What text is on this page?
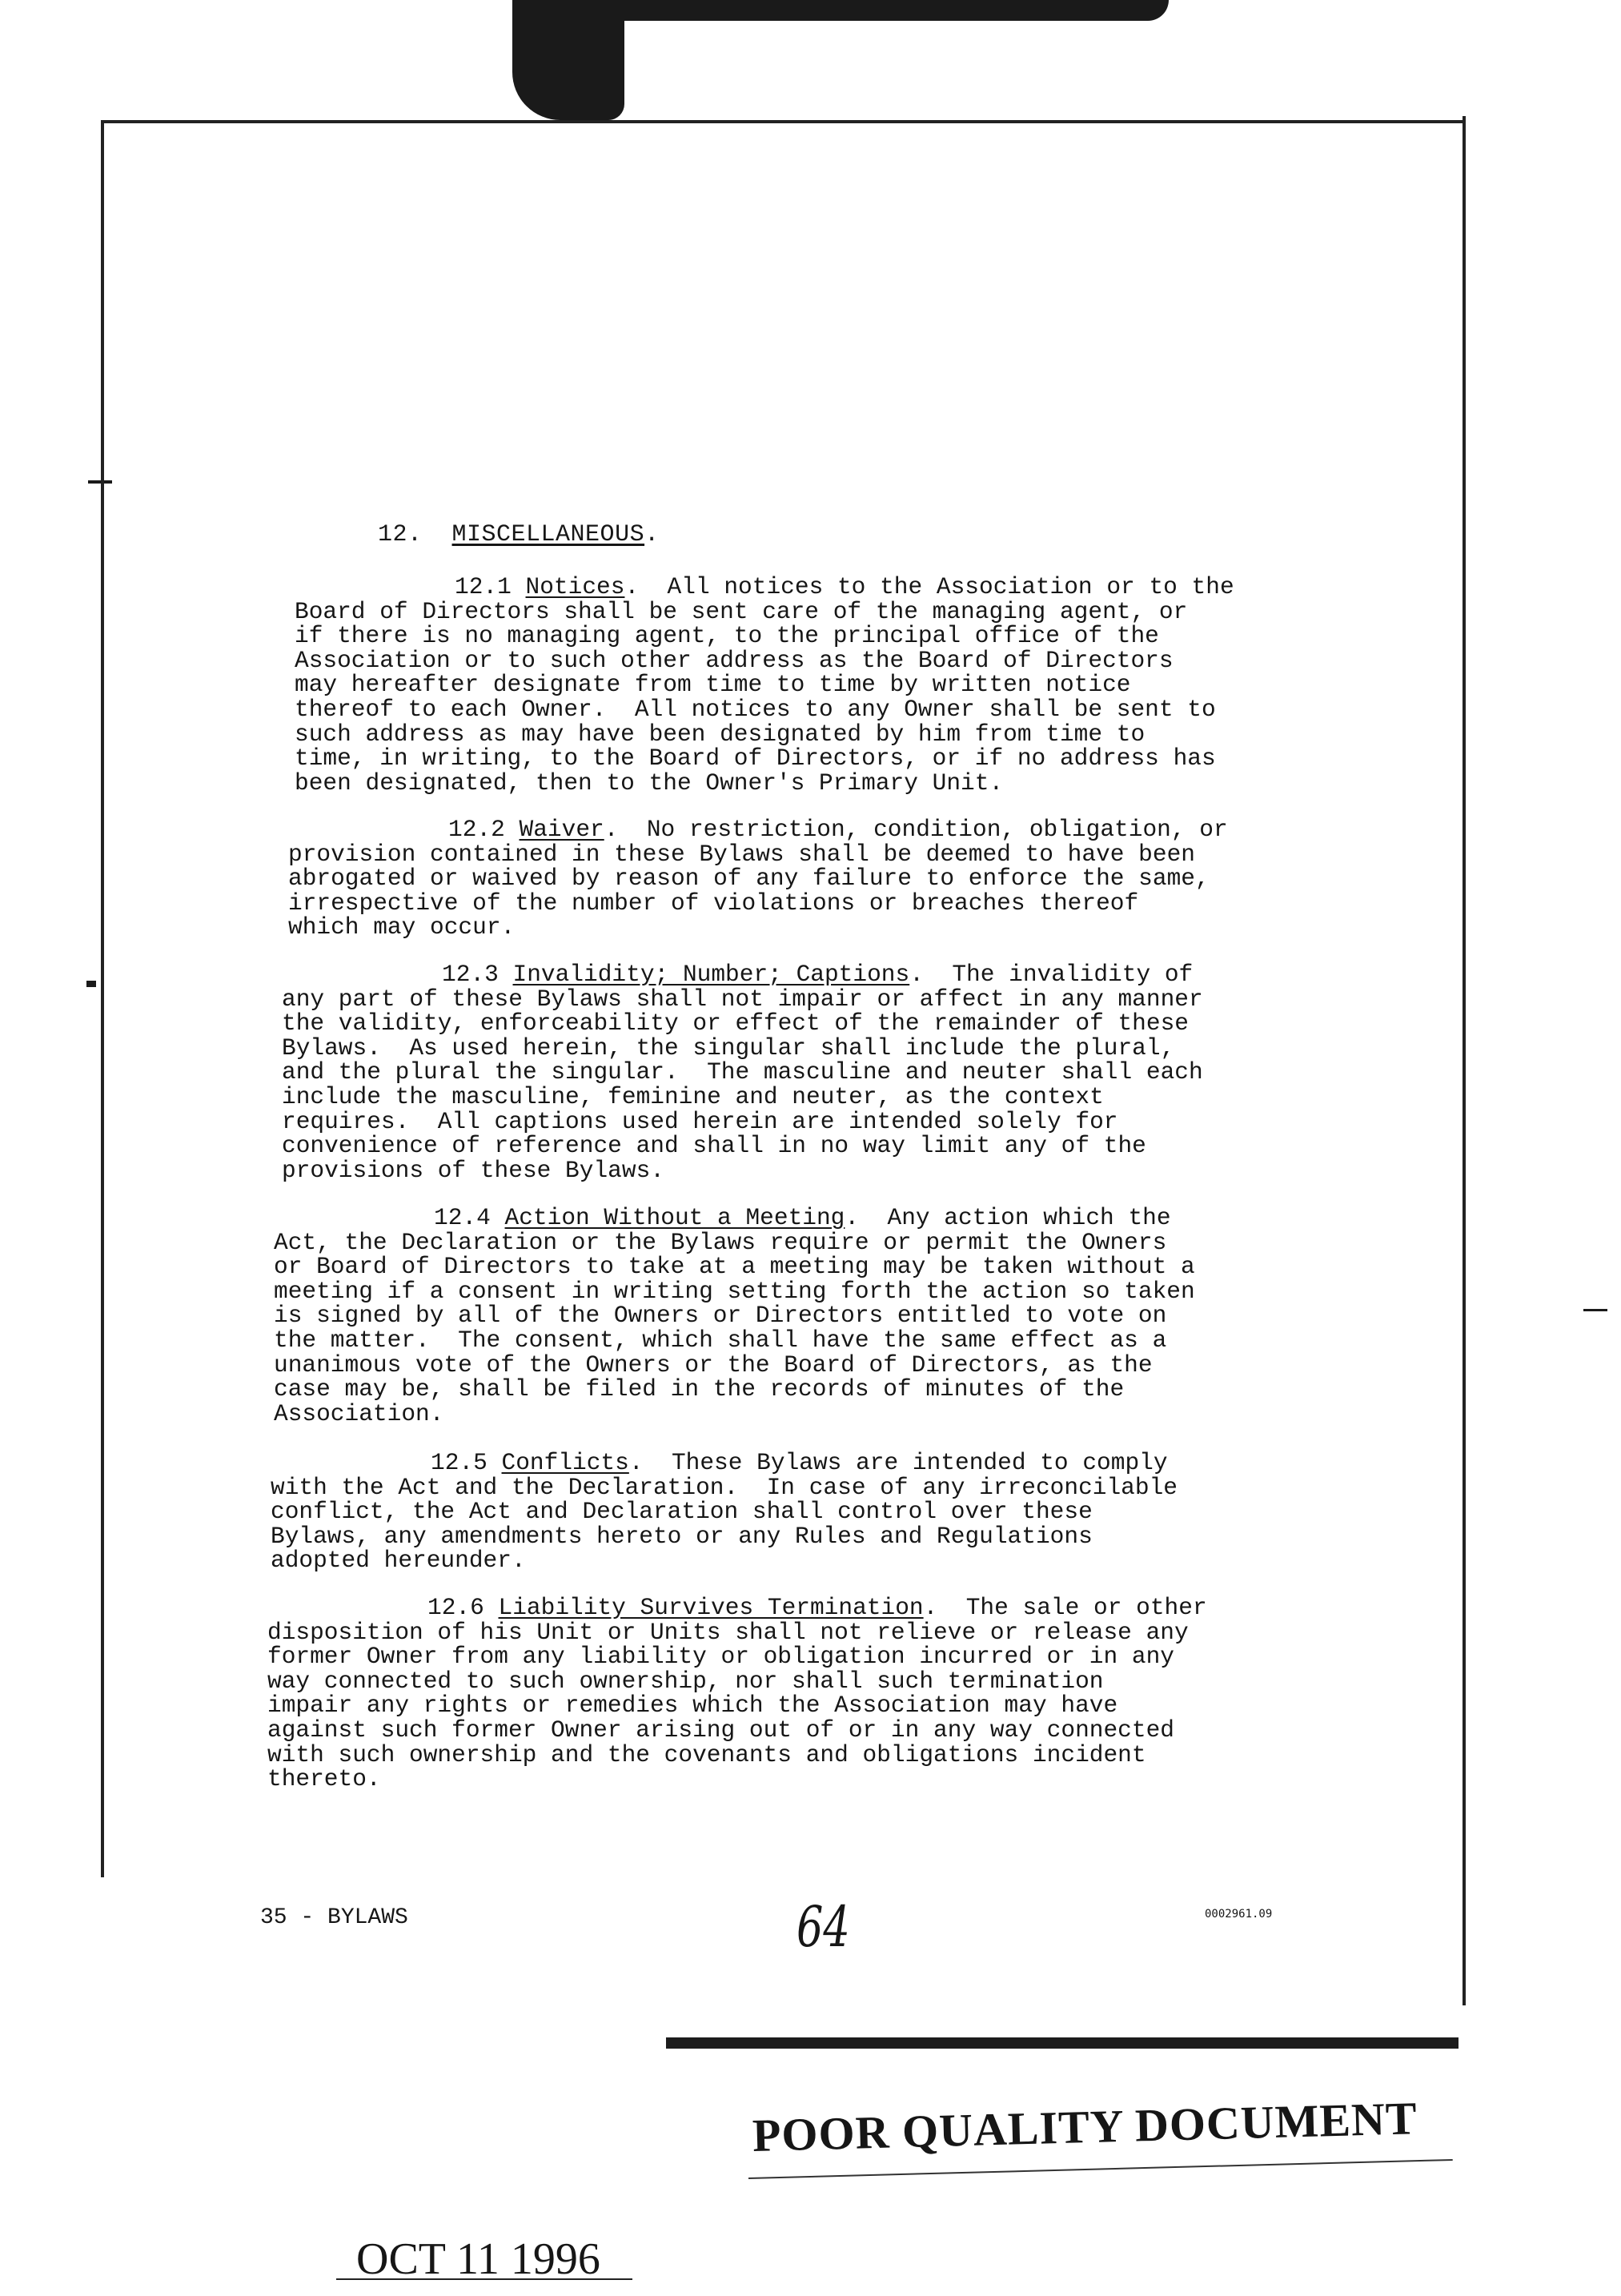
12. MISCELLANEOUS.

12.1 Notices.  All notices to the Association or to the
Board of Directors shall be sent care of the managing agent, or
if there is no managing agent, to the principal office of the
Association or to such other address as the Board of Directors
may hereafter designate from time to time by written notice
thereof to each Owner.  All notices to any Owner shall be sent to
such address as may have been designated by him from time to
time, in writing, to the Board of Directors, or if no address has
been designated, then to the Owner's Primary Unit.

12.2 Waiver.  No restriction, condition, obligation, or
provision contained in these Bylaws shall be deemed to have been
abrogated or waived by reason of any failure to enforce the same,
irrespective of the number of violations or breaches thereof
which may occur.

12.3 Invalidity; Number; Captions.  The invalidity of
any part of these Bylaws shall not impair or affect in any manner
the validity, enforceability or effect of the remainder of these
Bylaws.  As used herein, the singular shall include the plural,
and the plural the singular.  The masculine and neuter shall each
include the masculine, feminine and neuter, as the context
requires.  All captions used herein are intended solely for
convenience of reference and shall in no way limit any of the
provisions of these Bylaws.

12.4 Action Without a Meeting.  Any action which the
Act, the Declaration or the Bylaws require or permit the Owners
or Board of Directors to take at a meeting may be taken without a
meeting if a consent in writing setting forth the action so taken
is signed by all of the Owners or Directors entitled to vote on
the matter.  The consent, which shall have the same effect as a
unanimous vote of the Owners or the Board of Directors, as the
case may be, shall be filed in the records of minutes of the
Association.

12.5 Conflicts.  These Bylaws are intended to comply
with the Act and the Declaration.  In case of any irreconcilable
conflict, the Act and Declaration shall control over these
Bylaws, any amendments hereto or any Rules and Regulations
adopted hereunder.

12.6 Liability Survives Termination.  The sale or other
disposition of his Unit or Units shall not relieve or release any
former Owner from any liability or obligation incurred or in any
way connected to such ownership, nor shall such termination
impair any rights or remedies which the Association may have
against such former Owner arising out of or in any way connected
with such ownership and the covenants and obligations incident
thereto.

35 - BYLAWS	64	0002961.09
POOR QUALITY DOCUMENT
OCT 11 1996
